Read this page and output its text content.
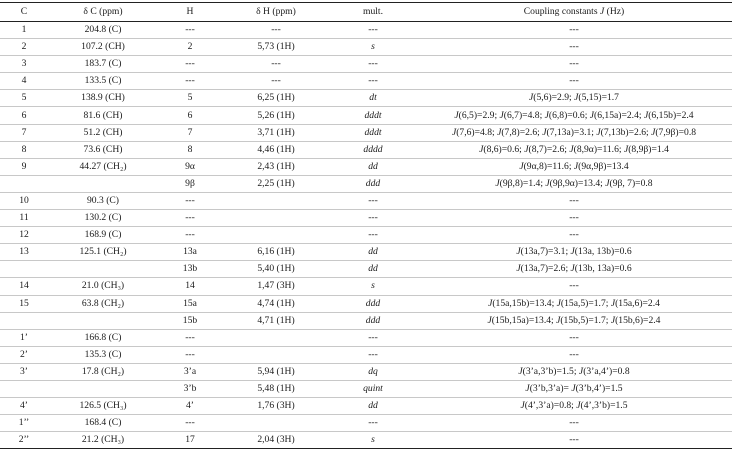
C	δ C (ppm)	H	δ H (ppm)	mult.	Coupling constants J (Hz)
1	204.8 (C)	---	---	---	---
2	107.2 (CH)	2	5,73 (1H)	s	---
3	183.7 (C)	---	---	---	---
4	133.5 (C)	---	---	---	---
5	138.9 (CH)	5	6,25 (1H)	dt	J(5,6)=2.9; J(5,15)=1.7
6	81.6 (CH)	6	5,26 (1H)	dddt	J(6,5)=2.9; J(6,7)=4.8; J(6,8)=0.6; J(6,15a)=2.4; J(6,15b)=2.4
7	51.2 (CH)	7	3,71 (1H)	dddt	J(7,6)=4.8; J(7,8)=2.6; J(7,13a)=3.1; J(7,13b)=2.6; J(7,9β)=0.8
8	73.6 (CH)	8	4,46 (1H)	dddd	J(8,6)=0.6; J(8,7)=2.6; J(8,9α)=11.6; J(8,9β)=1.4
9	44.27 (CH₂)	9α	2,43 (1H)	dd	J(9α,8)=11.6; J(9α,9β)=13.4
		9β	2,25 (1H)	ddd	J(9β,8)=1.4; J(9β,9α)=13.4; J(9β, 7)=0.8
10	90.3 (C)	---		---	---
11	130.2 (C)	---		---	---
12	168.9 (C)	---		---	---
13	125.1 (CH₂)	13a	6,16 (1H)	dd	J(13a,7)=3.1; J(13a, 13b)=0.6
		13b	5,40 (1H)	dd	J(13a,7)=2.6; J(13b, 13a)=0.6
14	21.0 (CH₃)	14	1,47 (3H)	s	---
15	63.8 (CH₂)	15a	4,74 (1H)	ddd	J(15a,15b)=13.4; J(15a,5)=1.7; J(15a,6)=2.4
		15b	4,71 (1H)	ddd	J(15b,15a)=13.4; J(15b,5)=1.7; J(15b,6)=2.4
1’	166.8 (C)	---		---	---
2’	135.3 (C)	---		---	---
3’	17.8 (CH₂)	3’a	5,94 (1H)	dq	J(3’a,3’b)=1.5; J(3’a,4’)=0.8
		3’b	5,48 (1H)	quint	J(3’b,3’a)= J(3’b,4’)=1.5
4’	126.5 (CH₃)	4’	1,76 (3H)	dd	J(4’,3’a)=0.8; J(4’,3’b)=1.5
1’’	168.4 (C)	---		---	---
2’’	21.2 (CH₃)	17	2,04 (3H)	s	---
